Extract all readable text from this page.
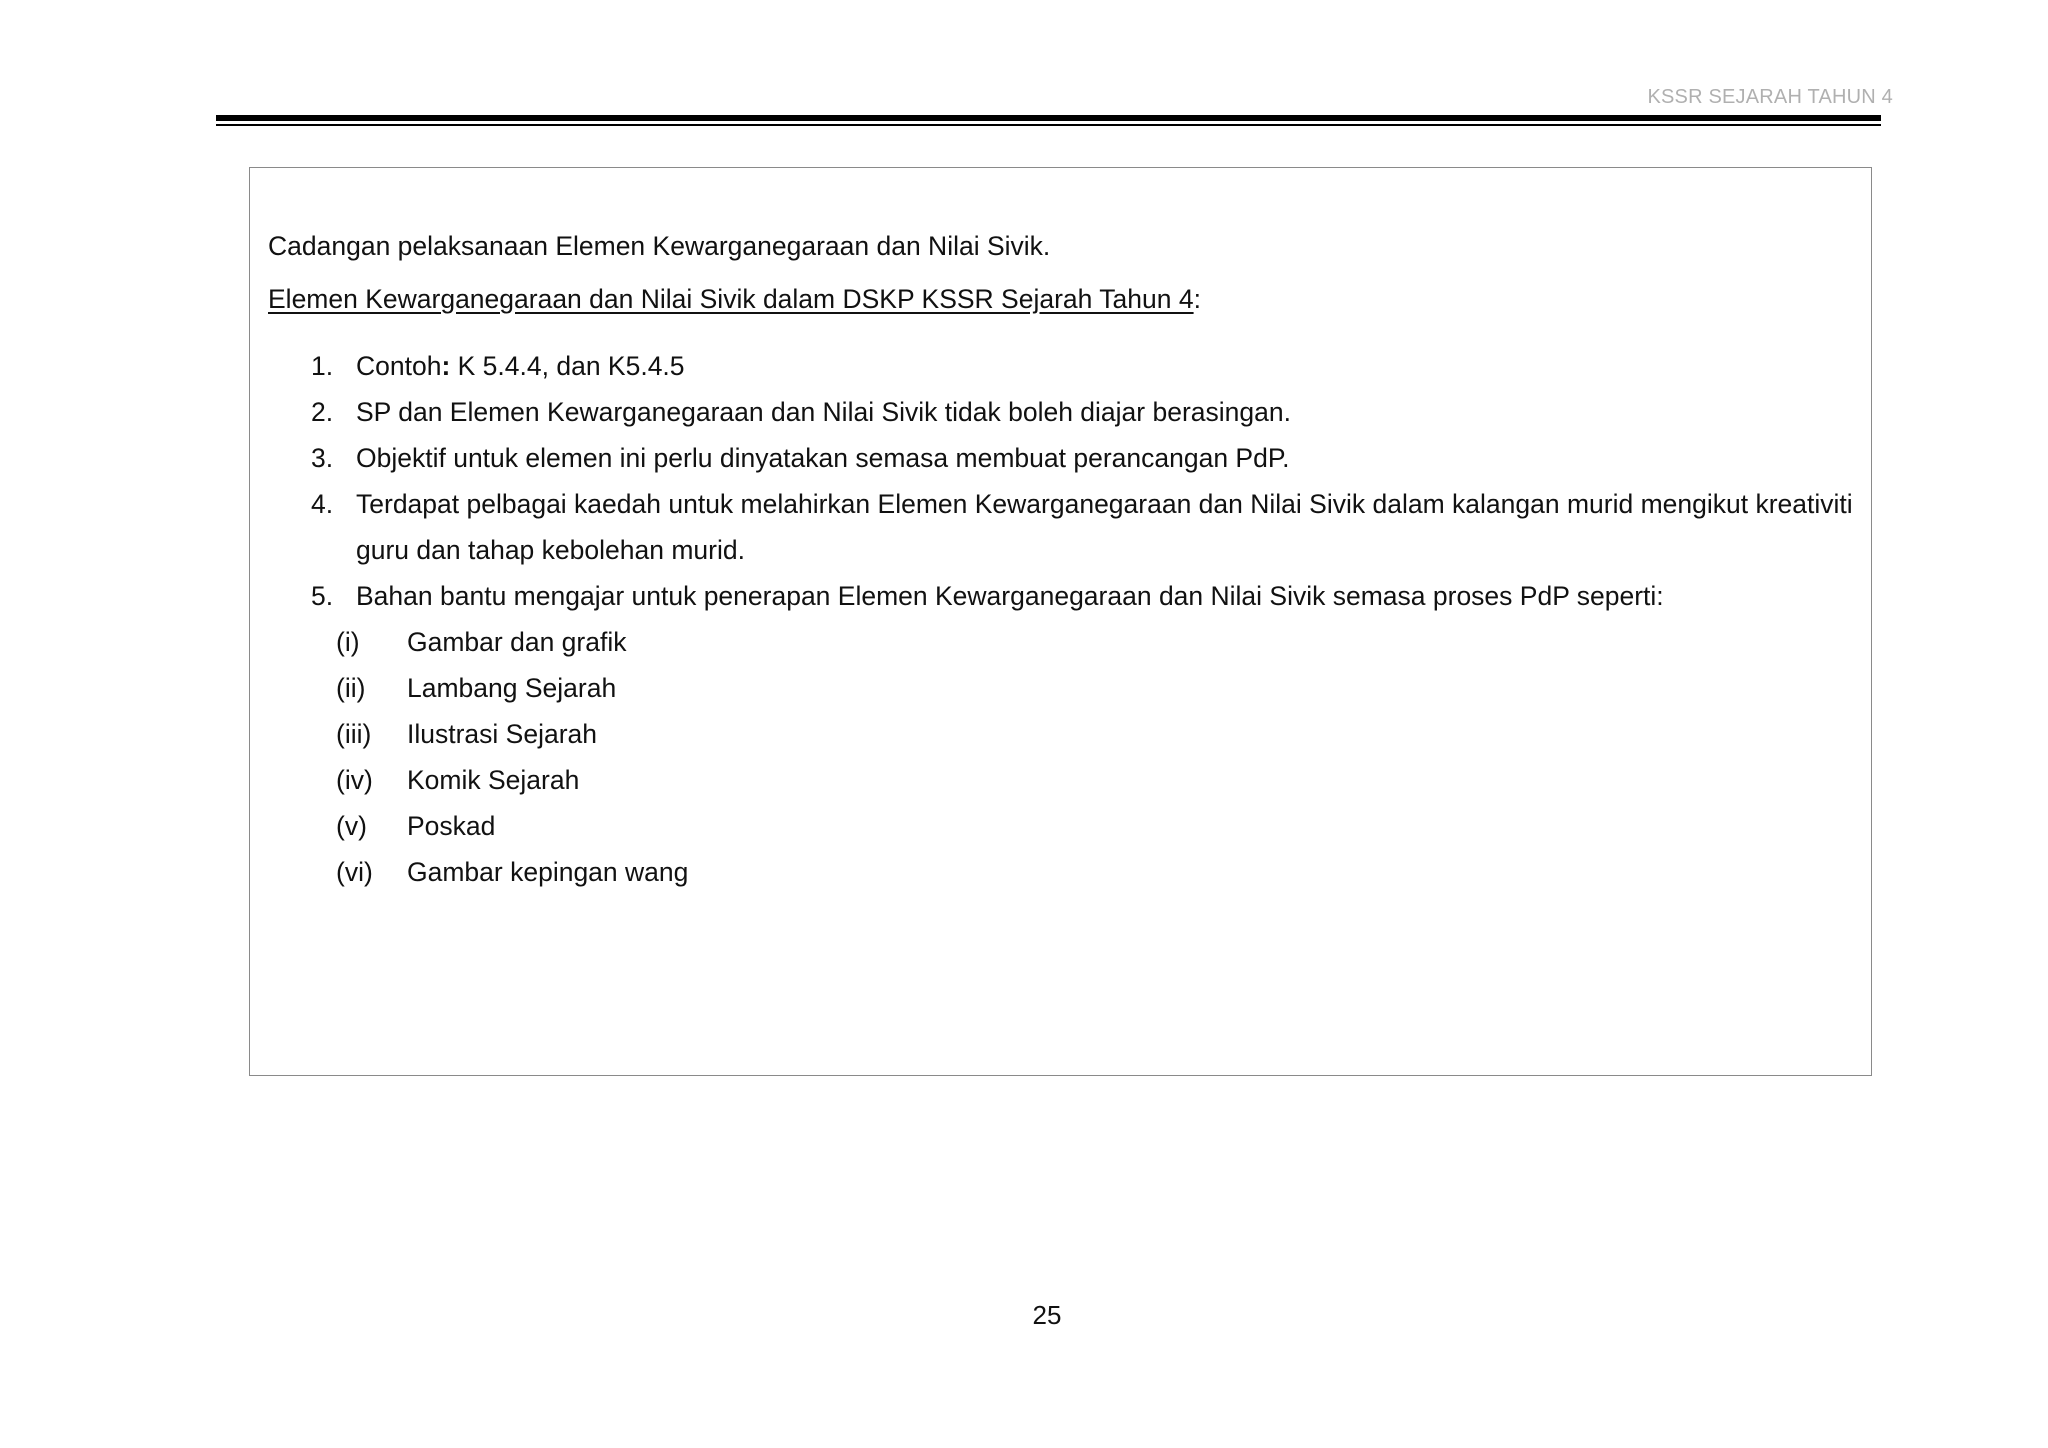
KSSR SEJARAH TAHUN 4

Cadangan pelaksanaan Elemen Kewarganegaraan dan Nilai Sivik.

Elemen Kewarganegaraan dan Nilai Sivik dalam DSKP KSSR Sejarah Tahun 4:

1. Contoh: K 5.4.4, dan K5.4.5
2. SP dan Elemen Kewarganegaraan dan Nilai Sivik tidak boleh diajar berasingan.
3. Objektif untuk elemen ini perlu dinyatakan semasa membuat perancangan PdP.
4. Terdapat pelbagai kaedah untuk melahirkan Elemen Kewarganegaraan dan Nilai Sivik dalam kalangan murid mengikut kreativiti guru dan tahap kebolehan murid.
5. Bahan bantu mengajar untuk penerapan Elemen Kewarganegaraan dan Nilai Sivik semasa proses PdP seperti:
(i) Gambar dan grafik
(ii) Lambang Sejarah
(iii) Ilustrasi Sejarah
(iv) Komik Sejarah
(v) Poskad
(vi) Gambar kepingan wang
25
